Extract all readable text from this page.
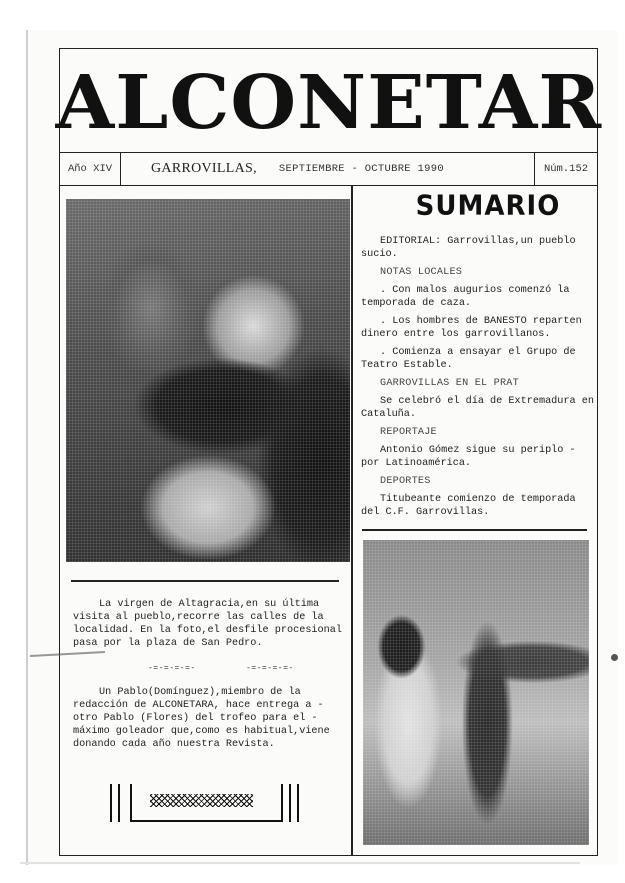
ALCONETAR
Año XIV	GARROVILLAS, SEPTIEMBRE - OCTUBRE 1990	Núm.152
SUMARIO

EDITORIAL: Garrovillas,un pueblo sucio.

NOTAS LOCALES

. Con malos augurios comenzó la temporada de caza.

. Los hombres de BANESTO reparten dinero entre los garrovillanos.

. Comienza a ensayar el Grupo de Teatro Estable.

GARROVILLAS EN EL PRAT

Se celebró el día de Extremadura en Cataluña.

REPORTAJE

Antonio Gómez sigue su periplo - por Latinoamérica.

DEPORTES

Titubeante comienzo de temporada del C.F. Garrovillas.

La virgen de Altagracia,en su última visita al pueblo,recorre las calles de la localidad. En la foto,el desfile procesional pasa por la plaza de San Pedro.

-=-=-=-=-	-=-=-=-=-

Un Pablo(Domínguez),miembro de la redacción de ALCONETARA, hace entrega a - otro Pablo (Flores) del trofeo para el - máximo goleador que,como es habitual,viene donando cada año nuestra Revista.
